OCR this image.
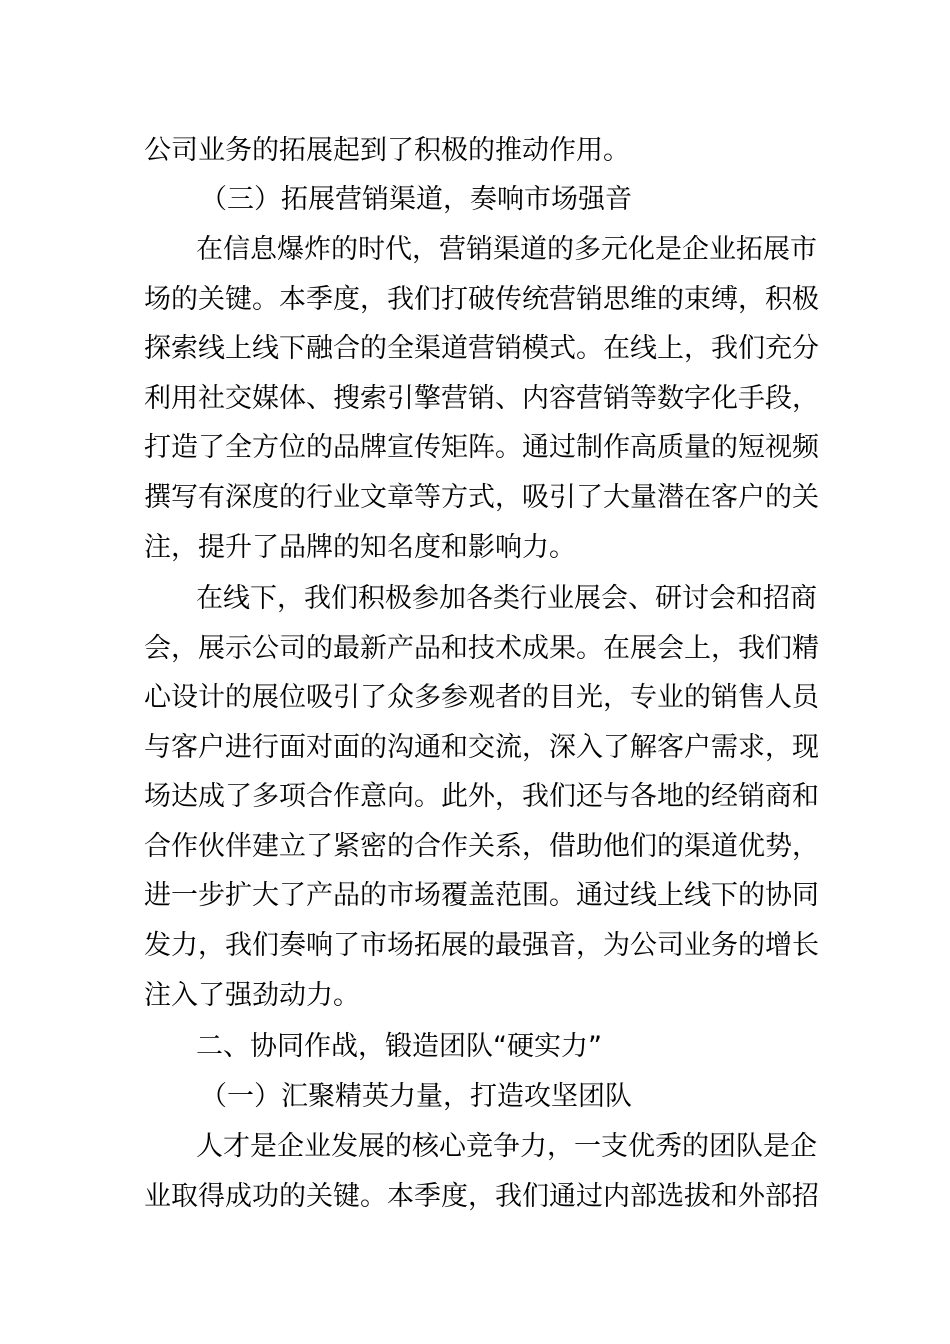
公司业务的拓展起到了积极的推动作用。
（三）拓展营销渠道，奏响市场强音
在信息爆炸的时代，营销渠道的多元化是企业拓展市
场的关键。本季度，我们打破传统营销思维的束缚，积极
探索线上线下融合的全渠道营销模式。在线上，我们充分
利用社交媒体、搜索引擎营销、内容营销等数字化手段，
打造了全方位的品牌宣传矩阵。通过制作高质量的短视频
撰写有深度的行业文章等方式，吸引了大量潜在客户的关
注，提升了品牌的知名度和影响力。
在线下，我们积极参加各类行业展会、研讨会和招商
会，展示公司的最新产品和技术成果。在展会上，我们精
心设计的展位吸引了众多参观者的目光，专业的销售人员
与客户进行面对面的沟通和交流，深入了解客户需求，现
场达成了多项合作意向。此外，我们还与各地的经销商和
合作伙伴建立了紧密的合作关系，借助他们的渠道优势，
进一步扩大了产品的市场覆盖范围。通过线上线下的协同
发力，我们奏响了市场拓展的最强音，为公司业务的增长
注入了强劲动力。
二、协同作战，锻造团队“硬实力”
（一）汇聚精英力量，打造攻坚团队
人才是企业发展的核心竞争力，一支优秀的团队是企
业取得成功的关键。本季度，我们通过内部选拔和外部招
